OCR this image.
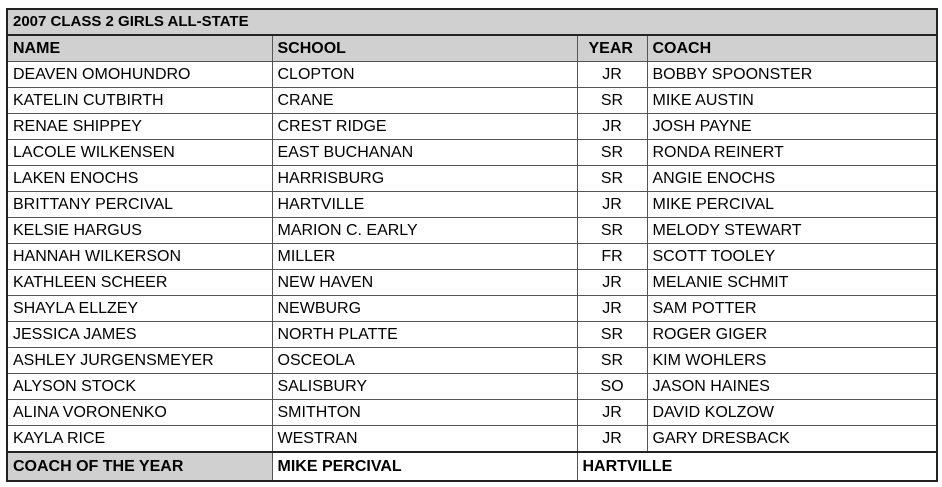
2007 CLASS 2 GIRLS ALL-STATE			
NAME	SCHOOL	YEAR	COACH
DEAVEN OMOHUNDRO	CLOPTON	JR	BOBBY SPOONSTER
KATELIN CUTBIRTH	CRANE	SR	MIKE AUSTIN
RENAE SHIPPEY	CREST RIDGE	JR	JOSH PAYNE
LACOLE WILKENSEN	EAST BUCHANAN	SR	RONDA REINERT
LAKEN ENOCHS	HARRISBURG	SR	ANGIE ENOCHS
BRITTANY PERCIVAL	HARTVILLE	JR	MIKE PERCIVAL
KELSIE HARGUS	MARION C. EARLY	SR	MELODY STEWART
HANNAH WILKERSON	MILLER	FR	SCOTT TOOLEY
KATHLEEN SCHEER	NEW HAVEN	JR	MELANIE SCHMIT
SHAYLA ELLZEY	NEWBURG	JR	SAM POTTER
JESSICA JAMES	NORTH PLATTE	SR	ROGER GIGER
ASHLEY JURGENSMEYER	OSCEOLA	SR	KIM WOHLERS
ALYSON STOCK	SALISBURY	SO	JASON HAINES
ALINA VORONENKO	SMITHTON	JR	DAVID KOLZOW
KAYLA RICE	WESTRAN	JR	GARY DRESBACK
COACH OF THE YEAR	MIKE PERCIVAL	HARTVILLE	
